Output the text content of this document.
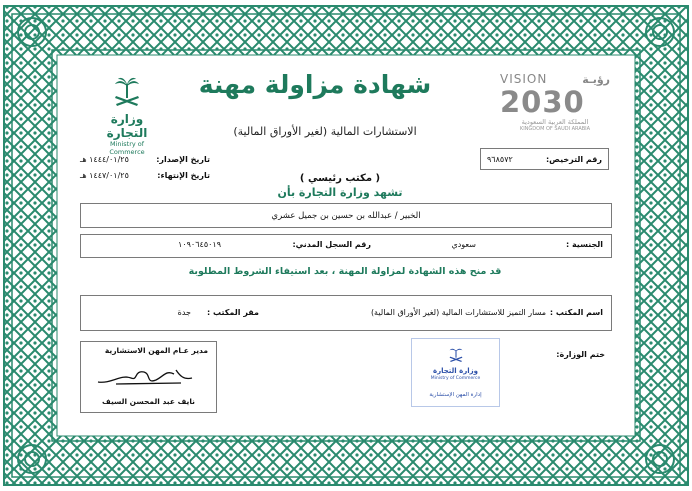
وزارة التجارة
Ministry of Commerce
شهادة مزاولة مهنة
الاستشارات المالية (لغير الأوراق المالية)
VISION	رؤيـة
2030
المملكة العربية السعودية
KINGDOM OF SAUDI ARABIA
تاريخ الإصدار:
١٤٤٤/٠١/٢٥ هـ
تاريخ الإنتهاء:
١٤٤٧/٠١/٢٥ هـ
رقم الترخيص:
٩٦٨٥٧٢
( مكتب رئيسي )
تشهد وزارة التجارة بأن
الخبير / عبدالله بن حسين بن جميل عشري
الجنسية :
سعودي
رقم السجل المدني:
١٠٩٠٦٤٥٠١٩
قد منح هذه الشهادة لمزاولة المهنة ، بعد استيفاء الشروط المطلوبة
اسم المكتب :
مسار التميز للاستشارات المالية (لغير الأوراق المالية)
مقر المكتب :
جدة
مدير عـام المهن الاستشارية
نايف عبد المحسن السيف
وزارة التجارة
Ministry of Commerce
إدارة المهن الإستشارية
ختم الوزارة:
